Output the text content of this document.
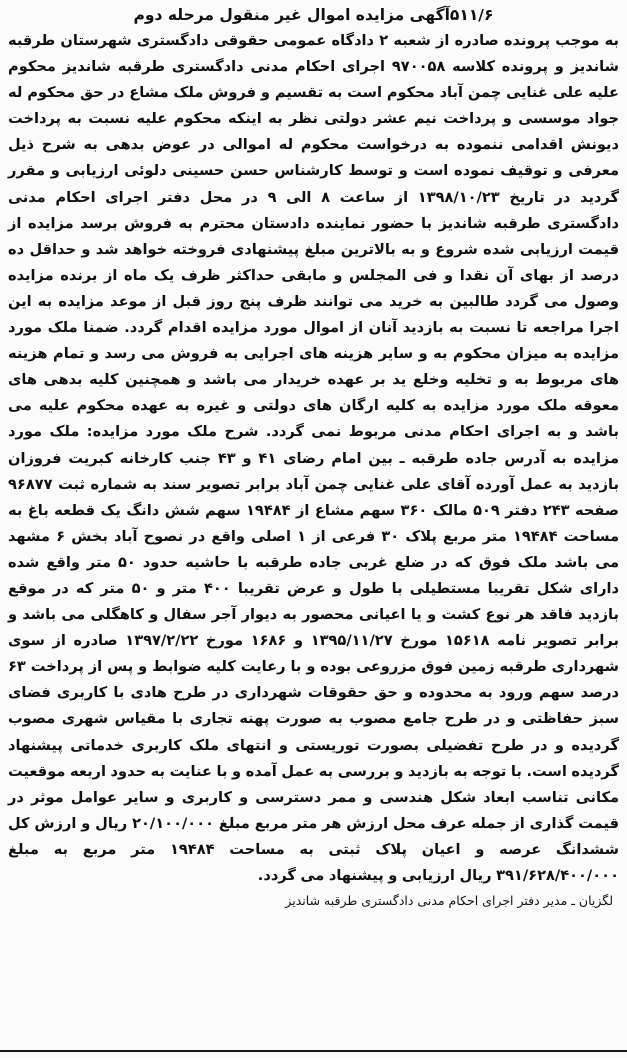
۵۱۱/۶آگهی مزایده اموال غیر منقول مرحله دوم

به موجب پرونده صادره از شعبه ۲ دادگاه عمومی حقوقی دادگستری شهرستان طرقبه شاندیز و پرونده کلاسه ۹۷۰۰۵۸ اجرای احکام مدنی دادگستری طرقبه شاندیز محکوم علیه علی غنایی چمن آباد محکوم است به تقسیم و فروش ملک مشاع در حق محکوم له جواد موسسی و پرداخت نیم عشر دولتی نظر به اینکه محکوم علیه نسبت به پرداخت دیونش اقدامی ننموده به درخواست محکوم له اموالی در عوض بدهی به شرح ذیل معرفی و توقیف نموده است و توسط کارشناس حسن حسینی دلوئی ارزیابی و مقرر گردید در تاریخ ۱۳۹۸/۱۰/۲۳ از ساعت ۸ الی ۹ در محل دفتر اجرای احکام مدنی دادگستری طرقبه شاندیز با حضور نماینده دادستان محترم به فروش برسد مزایده از قیمت ارزیابی شده شروع و به بالاترین مبلغ پیشنهادی فروخته خواهد شد و حداقل ده درصد از بهای آن نقدا و فی المجلس و مابقی حداکثر ظرف یک ماه از برنده مزایده وصول می گردد طالبین به خرید می توانند ظرف پنج روز قبل از موعد مزایده به این اجرا مراجعه تا نسبت به بازدید آنان از اموال مورد مزایده اقدام گردد. ضمنا ملک مورد مزایده به میزان محکوم به و سایر هزینه های اجرایی به فروش می رسد و تمام هزینه های مربوط به و تخلیه وخلع ید بر عهده خریدار می باشد و همچنین کلیه بدهی های معوقه ملک مورد مزایده به کلیه ارگان های دولتی و غیره به عهده محکوم علیه می باشد و به اجرای احکام مدنی مربوط نمی گردد. شرح ملک مورد مزایده: ملک مورد مزایده به آدرس جاده طرقبه ـ بین امام رضای ۴۱ و ۴۳ جنب کارخانه کبریت فروزان بازدید به عمل آورده آقای علی غنایی چمن آباد برابر تصویر سند به شماره ثبت ۹۶۸۷۷ صفحه ۲۴۳ دفتر ۵۰۹ مالک ۳۶۰ سهم مشاع از ۱۹۴۸۴ سهم شش دانگ یک قطعه باغ به مساحت ۱۹۴۸۴ متر مربع پلاک ۳۰ فرعی از ۱ اصلی واقع در نصوح آباد بخش ۶ مشهد می باشد ملک فوق که در ضلع غربی جاده طرقبه با حاشیه حدود ۵۰ متر واقع شده دارای شکل تقریبا مستطیلی با طول و عرض تقریبا ۴۰۰ متر و ۵۰ متر که در موقع بازدید فاقد هر نوع کشت و یا اعیانی محصور به دیوار آجر سفال و کاهگلی می باشد و برابر تصویر نامه ۱۵۶۱۸ مورخ ۱۳۹۵/۱۱/۲۷ و ۱۶۸۶ مورخ ۱۳۹۷/۲/۲۲ صادره از سوی شهرداری طرقبه زمین فوق مزروعی بوده و با رعایت کلیه ضوابط و پس از پرداخت ۶۳ درصد سهم ورود به محدوده و حق حقوقات شهرداری در طرح هادی با کاربری فضای سبز حفاظتی و در طرح جامع مصوب به صورت پهنه تجاری با مقیاس شهری مصوب گردیده و در طرح تفضیلی بصورت توریستی و انتهای ملک کاربری خدماتی پیشنهاد گردیده است. با توجه به بازدید و بررسی به عمل آمده و با عنایت به حدود اربعه موقعیت مکانی تناسب ابعاد شکل هندسی و ممر دسترسی و کاربری و سایر عوامل موثر در قیمت گذاری از جمله عرف محل ارزش هر متر مربع مبلغ ۲۰/۱۰۰/۰۰۰ ریال و ارزش کل ششدانگ عرصه و اعیان پلاک ثبتی به مساحت ۱۹۴۸۴ متر مربع به مبلغ ۳۹۱/۶۲۸/۴۰۰/۰۰۰ ریال ارزیابی و پیشنهاد می گردد.

لگزیان ـ مدیر دفتر اجرای احکام مدنی دادگستری طرقبه شاندیز
